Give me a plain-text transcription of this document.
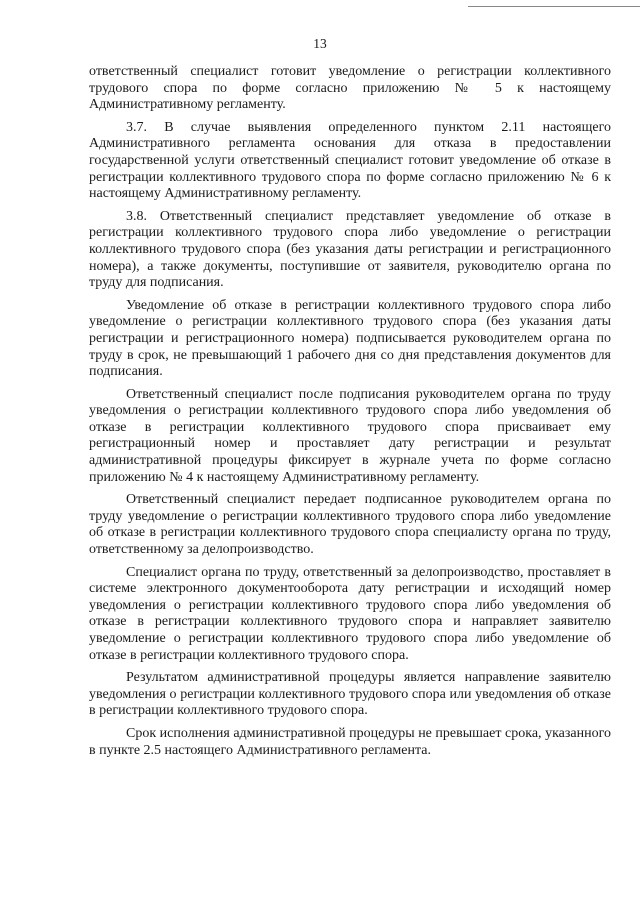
13

ответственный специалист готовит уведомление о регистрации коллективного трудового спора по форме согласно приложению № 5 к настоящему Административному регламенту.

3.7. В случае выявления определенного пунктом 2.11 настоящего Административного регламента основания для отказа в предоставлении государственной услуги ответственный специалист готовит уведомление об отказе в регистрации коллективного трудового спора по форме согласно приложению № 6 к настоящему Административному регламенту.

3.8. Ответственный специалист представляет уведомление об отказе в регистрации коллективного трудового спора либо уведомление о регистрации коллективного трудового спора (без указания даты регистрации и регистрационного номера), а также документы, поступившие от заявителя, руководителю органа по труду для подписания.

Уведомление об отказе в регистрации коллективного трудового спора либо уведомление о регистрации коллективного трудового спора (без указания даты регистрации и регистрационного номера) подписывается руководителем органа по труду в срок, не превышающий 1 рабочего дня со дня представления документов для подписания.

Ответственный специалист после подписания руководителем органа по труду уведомления о регистрации коллективного трудового спора либо уведомления об отказе в регистрации коллективного трудового спора присваивает ему регистрационный номер и проставляет дату регистрации и результат административной процедуры фиксирует в журнале учета по форме согласно приложению № 4 к настоящему Административному регламенту.

Ответственный специалист передает подписанное руководителем органа по труду уведомление о регистрации коллективного трудового спора либо уведомление об отказе в регистрации коллективного трудового спора специалисту органа по труду, ответственному за делопроизводство.

Специалист органа по труду, ответственный за делопроизводство, проставляет в системе электронного документооборота дату регистрации и исходящий номер уведомления о регистрации коллективного трудового спора либо уведомления об отказе в регистрации коллективного трудового спора и направляет заявителю уведомление о регистрации коллективного трудового спора либо уведомление об отказе в регистрации коллективного трудового спора.

Результатом административной процедуры является направление заявителю уведомления о регистрации коллективного трудового спора или уведомления об отказе в регистрации коллективного трудового спора.

Срок исполнения административной процедуры не превышает срока, указанного в пункте 2.5 настоящего Административного регламента.
